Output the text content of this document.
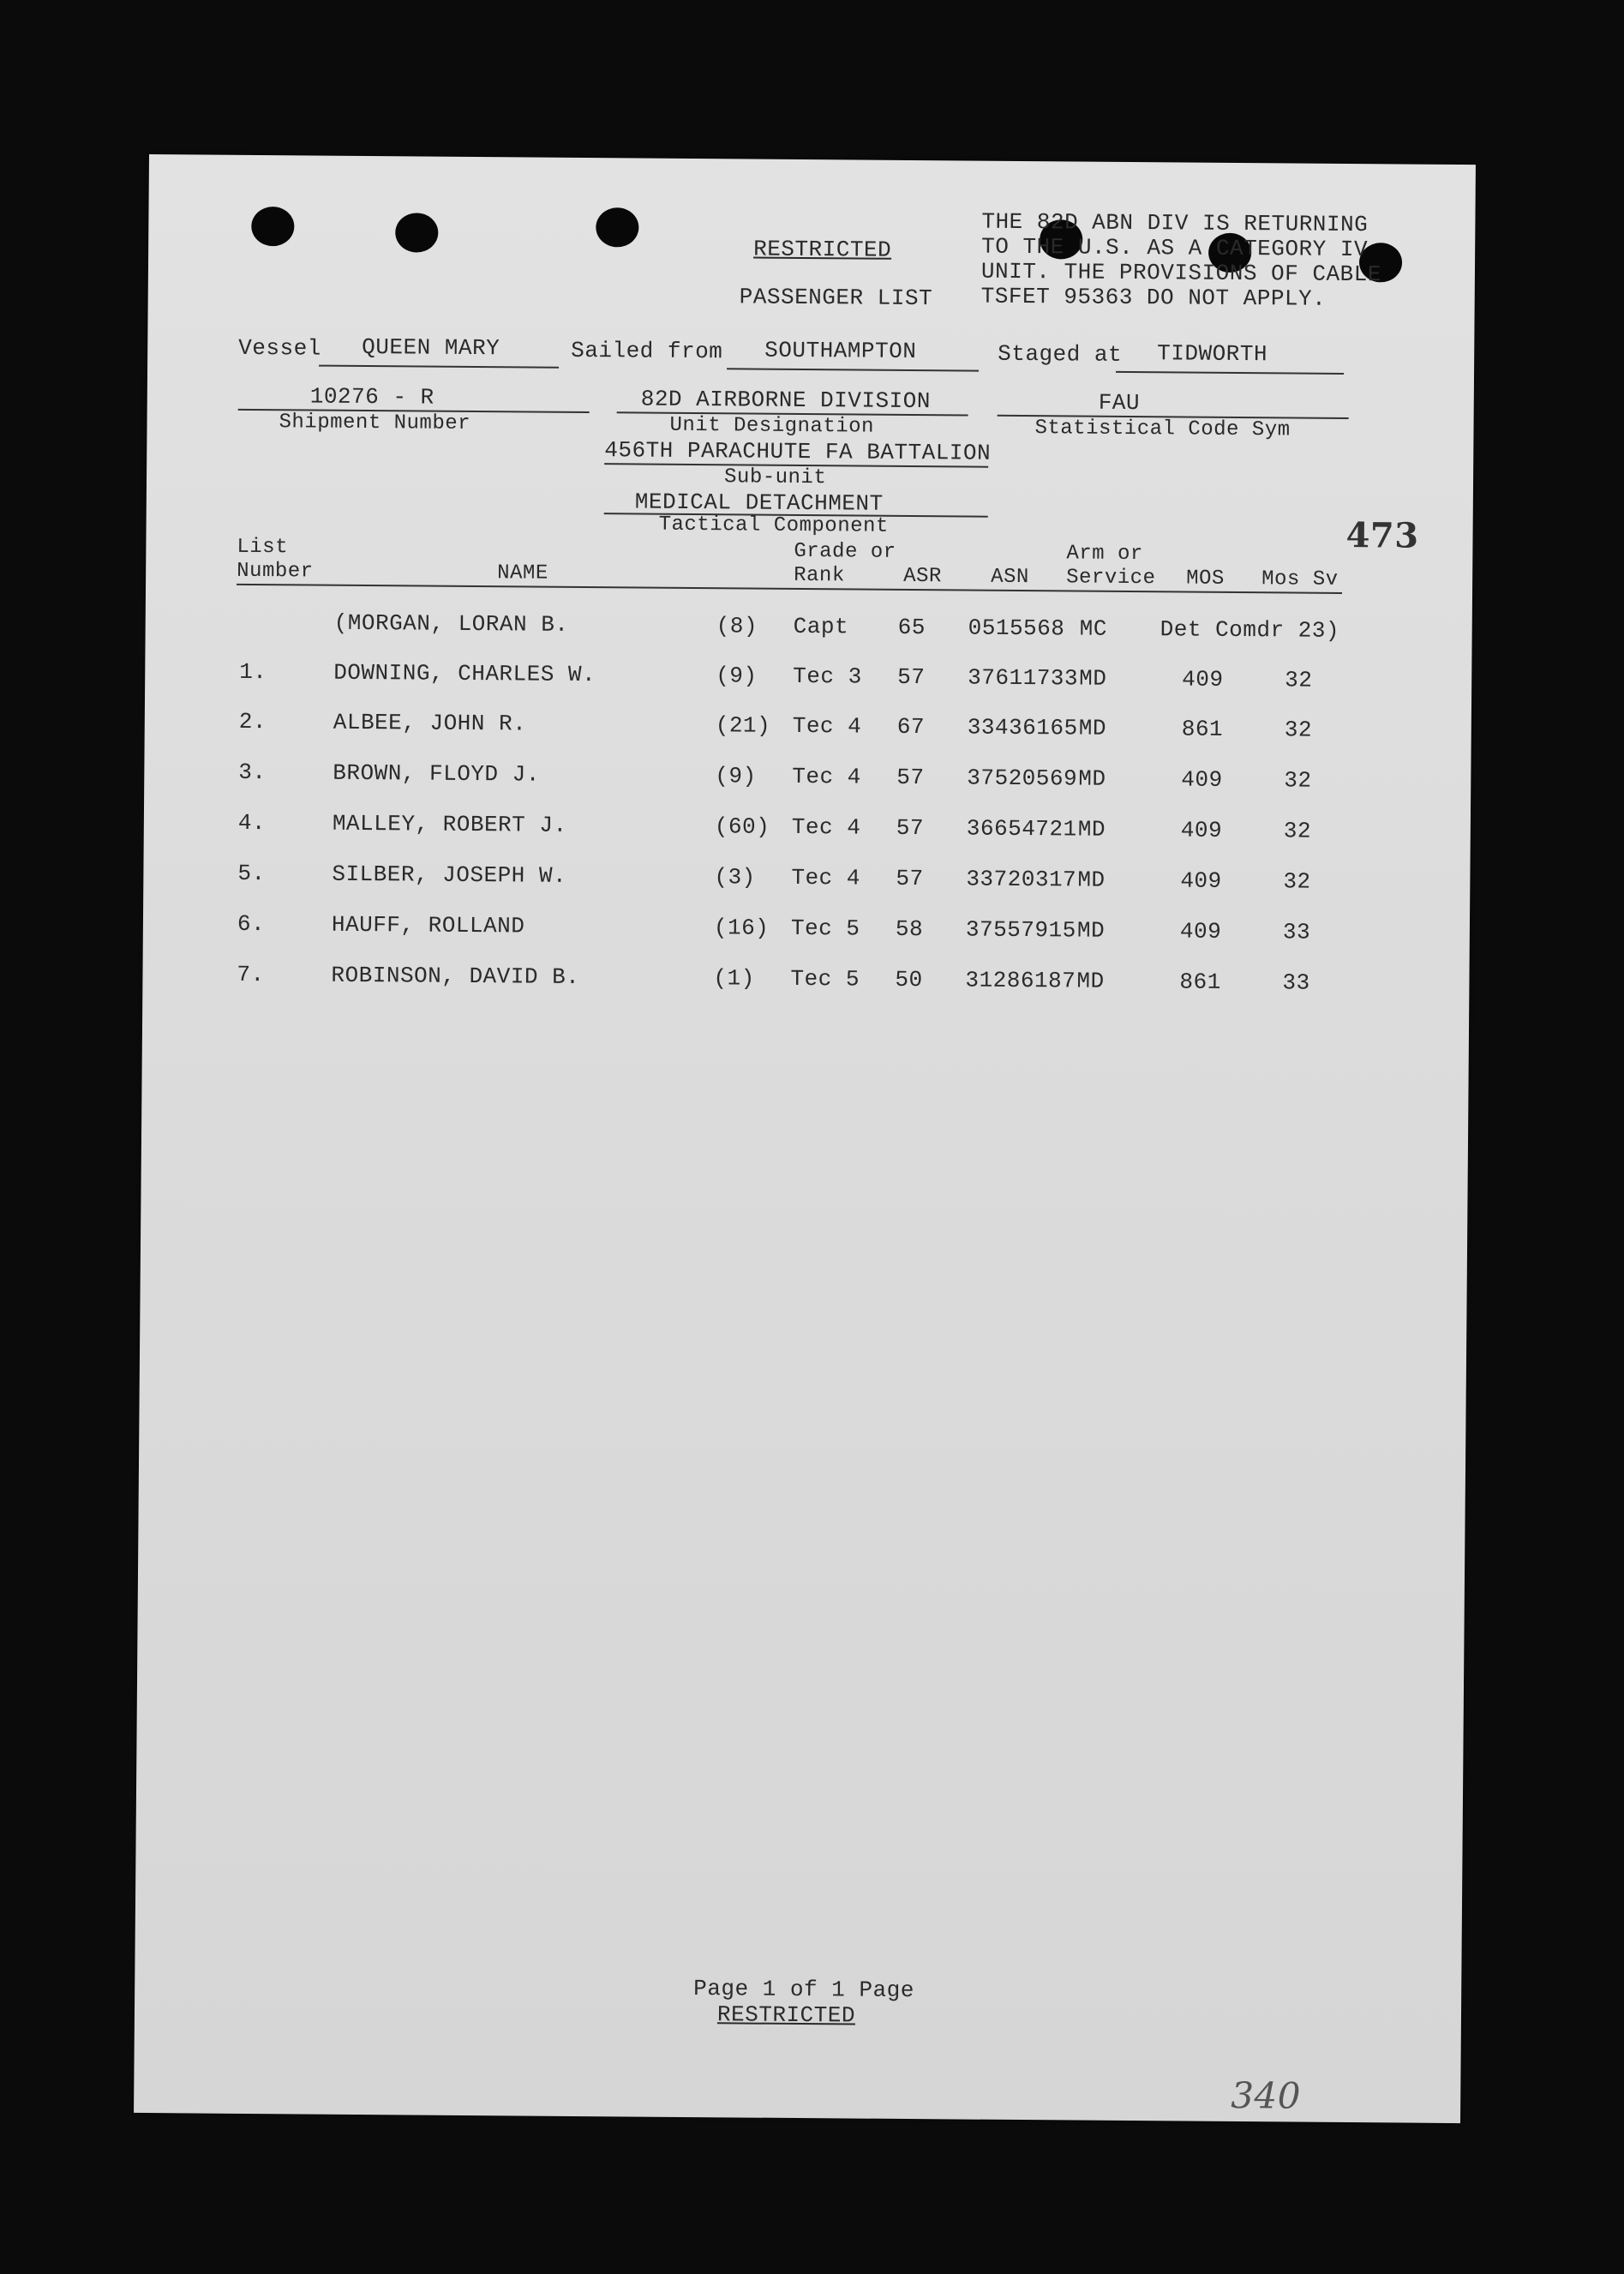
RESTRICTED
PASSENGER LIST
THE 82D ABN DIV IS RETURNING
TO THE U.S. AS A CATEGORY IV
UNIT. THE PROVISIONS OF CABLE
TSFET 95363 DO NOT APPLY.
Vessel QUEEN MARY	Sailed from SOUTHAMPTON	Staged at TIDWORTH
10276 - R
Shipment Number
82D AIRBORNE DIVISION
Unit Designation
FAU
Statistical Code Sym
456TH PARACHUTE FA BATTALION
Sub-unit
MEDICAL DETACHMENT
Tactical Component	473
List
Number	NAME
Grade or
Rank	ASR ASN
Arm or
Service MOS Mos Sv
(MORGAN, LORAN B.	(8) Capt 65 0515568 MC Det Comdr 23)
1.	DOWNING, CHARLES W.	(9) Tec 3 57 37611733 MD	409	32
2.	ALBEE, JOHN R.	(21) Tec 4 67 33436165 MD	861	32
3.	BROWN, FLOYD J.	(9) Tec 4 57 37520569 MD	409	32
4.	MALLEY, ROBERT J.	(60) Tec 4 57 36654721 MD	409	32
5.	SILBER, JOSEPH W.	(3) Tec 4 57 33720317 MD	409	32
6.	HAUFF, ROLLAND	(16) Tec 5 58 37557915 MD	409	33
7.	ROBINSON, DAVID B.	(1) Tec 5 50 31286187 MD	861	33
Page 1 of 1 Page
RESTRICTED
340
